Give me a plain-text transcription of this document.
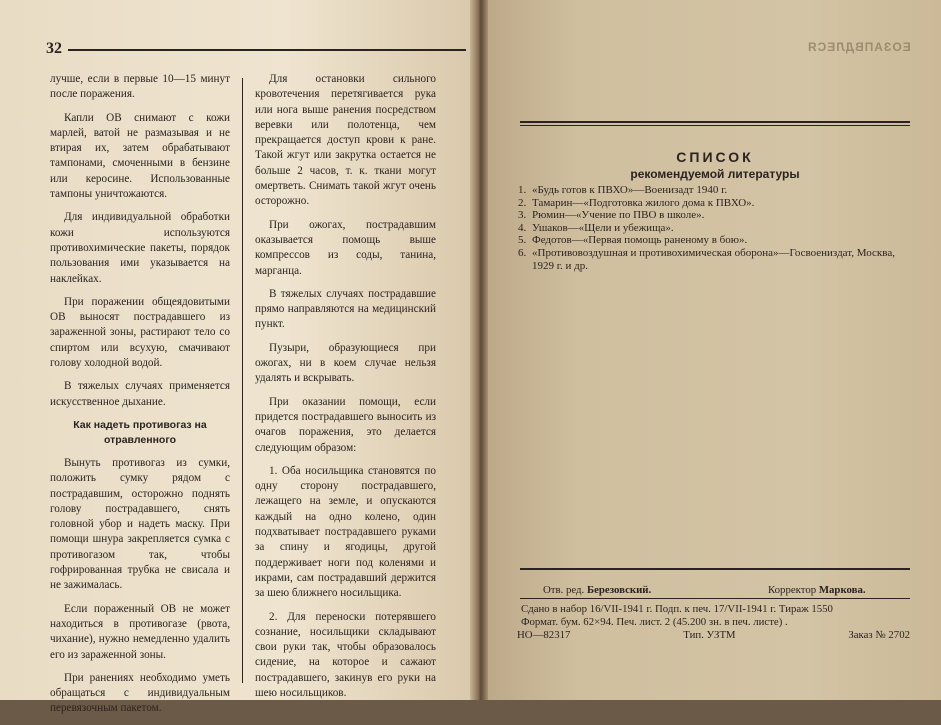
32

лучше, если в первые 10—15 минут после поражения.

Капли ОВ снимают с кожи марлей, ватой не размазывая и не втирая их, затем обрабатывают тампонами, смоченными в бензине или керосине. Использованные тампоны уничтожаются.

Для индивидуальной обработки кожи используются противохимические пакеты, порядок пользования ими указывается на наклейках.

При поражении общеядовитыми ОВ выносят пострадавшего из зараженной зоны, растирают тело со спиртом или всухую, смачивают голову холодной водой.

В тяжелых случаях применяется искусственное дыхание.

Как надеть противогаз на отравленного

Вынуть противогаз из сумки, положить сумку рядом с пострадавшим, осторожно поднять голову пострадавшего, снять головной убор и надеть маску. При помощи шнура закрепляется сумка с противогазом так, чтобы гофрированная трубка не свисала и не зажималась.

Если пораженный ОВ не может находиться в противогазе (рвота, чихание), нужно немедленно удалить его из зараженной зоны.

При ранениях необходимо уметь обращаться с индивидуальным перевязочным пакетом.

Для остановки сильного кровотечения перетягивается рука или нога выше ранения посредством веревки или полотенца, чем прекращается доступ крови к ране. Такой жгут или закрутка остается не больше 2 часов, т. к. ткани могут омертветь. Снимать такой жгут очень осторожно.

При ожогах, пострадавшим оказывается помощь выше компрессов из соды, танина, марганца.

В тяжелых случаях пострадавшие прямо направляются на медицинский пункт.

Пузыри, образующиеся при ожогах, ни в коем случае нельзя удалять и вскрывать.

При оказании помощи, если придется пострадавшего выносить из очагов поражения, это делается следующим образом:

1. Оба носильщика становятся по одну сторону пострадавшего, лежащего на земле, и опускаются каждый на одно колено, один подхватывает пострадавшего руками за спину и ягодицы, другой поддерживает ноги под коленями и икрами, сам пострадавший держится за шею ближнего носильщика.

2. Для переноски потерявшего сознание, носильщики складывают свои руки так, чтобы образовалось сидение, на которое и сажают пострадавшего, закинув его руки на шею носильщиков.

ЕОЗАПВДЛЕСЯ
СПИСОК
рекомендуемой литературы
1. «Будь готов к ПВХО»—Военизадт 1940 г.
2. Тамарин—«Подготовка жилого дома к ПВХО».
3. Рюмин—«Учение по ПВО в школе».
4. Ушаков—«Щели и убежища».
5. Федотов—«Первая помощь раненому в бою».
6. «Противовоздушная и противохимическая оборона»—Госвоениздат, Москва, 1929 г. и др.
Отв. ред. Березовский.	Корректор Маркова.
Сдано в набор 16/VII-1941 г. Подп. к печ. 17/VII-1941 г. Тираж 1550
Формат. бум. 62×94. Печ. лист. 2 (45.200 зн. в печ. листе) .
НО—82317	Тип. УЗТМ	Заказ № 2702
